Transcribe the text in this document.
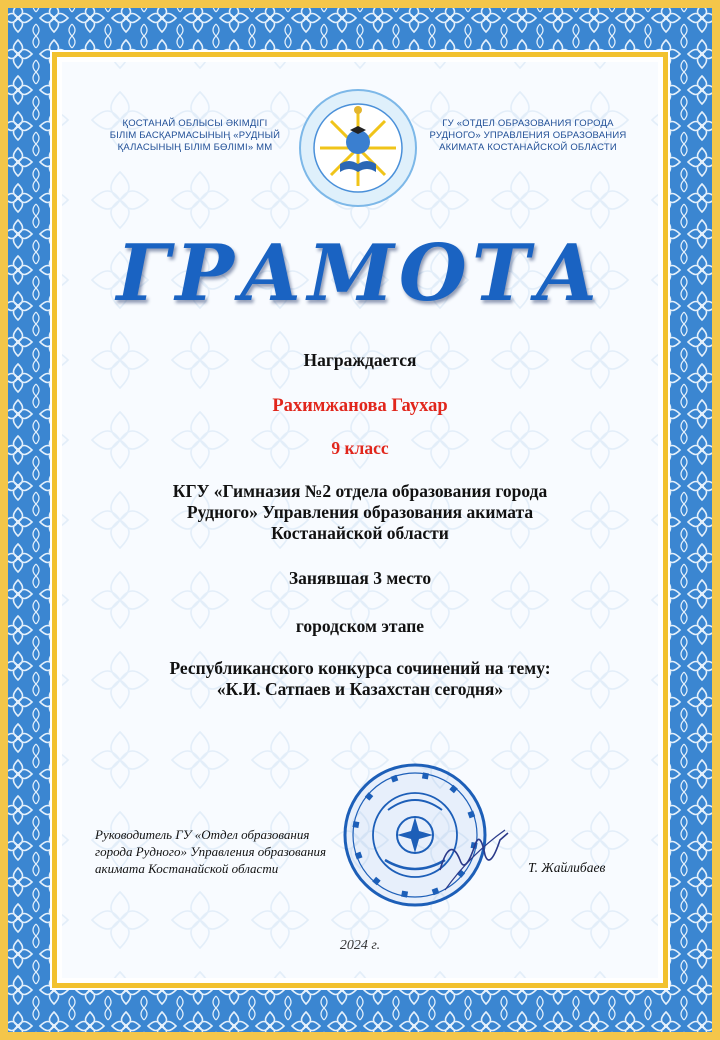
ҚОСТАНАЙ ОБЛЫСЫ ӘКІМДІГІ
БІЛІМ БАСҚАРМАСЫНЫҢ «РУДНЫЙ
ҚАЛАСЫНЫҢ БІЛІМ БӨЛІМІ» ММ
ГУ «ОТДЕЛ ОБРАЗОВАНИЯ ГОРОДА
РУДНОГО» УПРАВЛЕНИЯ ОБРАЗОВАНИЯ
АКИМАТА КОСТАНАЙСКОЙ ОБЛАСТИ
ГРАМОТА
Награждается
Рахимжанова Гаухар
9 класс
КГУ «Гимназия №2 отдела образования города
Рудного» Управления образования акимата
Костанайской области
Занявшая 3 место
городском этапе
Республиканского конкурса сочинений на тему:
«К.И. Сатпаев и Казахстан сегодня»
Руководитель ГУ «Отдел образования
города Рудного» Управления образования
акимата Костанайской области	Т. Жайлибаев
2024 г.
